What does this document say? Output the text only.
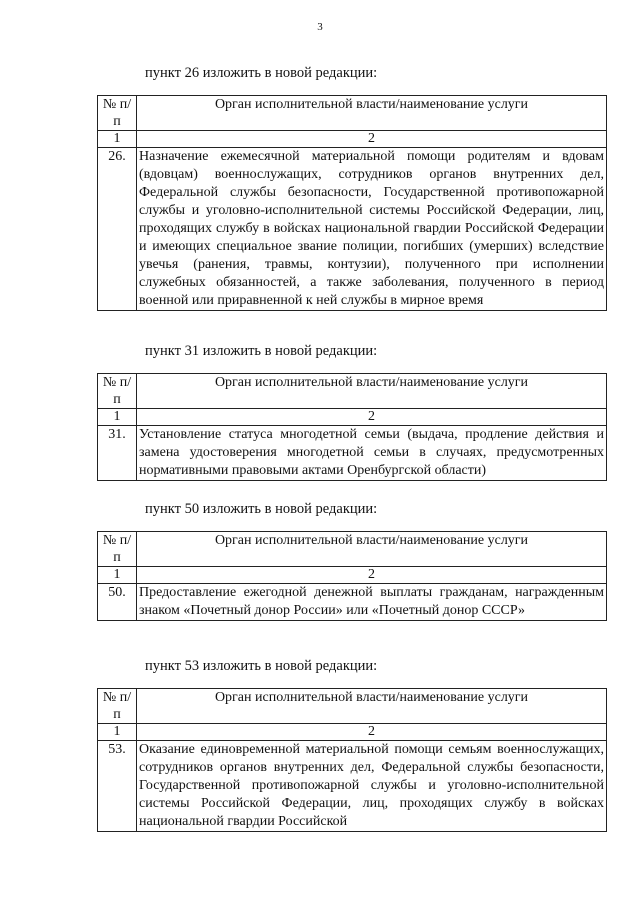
3
пункт 26 изложить в новой редакции:
№ п/п	Орган исполнительной власти/наименование услуги
1	2
26.	Назначение ежемесячной материальной помощи родителям и вдовам (вдовцам) военнослужащих, сотрудников органов внутренних дел, Федеральной службы безопасности, Государственной противопожарной службы и уголовно-исполнительной системы Российской Федерации, лиц, проходящих службу в войсках национальной гвардии Российской Федерации и имеющих специальное звание полиции, погибших (умерших) вследствие увечья (ранения, травмы, контузии), полученного при исполнении служебных обязанностей, а также заболевания, полученного в период военной или приравненной к ней службы в мирное время
пункт 31 изложить в новой редакции:
№ п/п	Орган исполнительной власти/наименование услуги
1	2
31.	Установление статуса многодетной семьи (выдача, продление действия и замена удостоверения многодетной семьи в случаях, предусмотренных нормативными правовыми актами Оренбургской области)
пункт 50 изложить в новой редакции:
№ п/п	Орган исполнительной власти/наименование услуги
1	2
50.	Предоставление ежегодной денежной выплаты гражданам, награжденным знаком «Почетный донор России» или «Почетный донор СССР»
пункт 53 изложить в новой редакции:
№ п/п	Орган исполнительной власти/наименование услуги
1	2
53.	Оказание единовременной материальной помощи семьям военнослужащих, сотрудников органов внутренних дел, Федеральной службы безопасности, Государственной противопожарной службы и уголовно-исполнительной системы Российской Федерации, лиц, проходящих службу в войсках национальной гвардии Российской
